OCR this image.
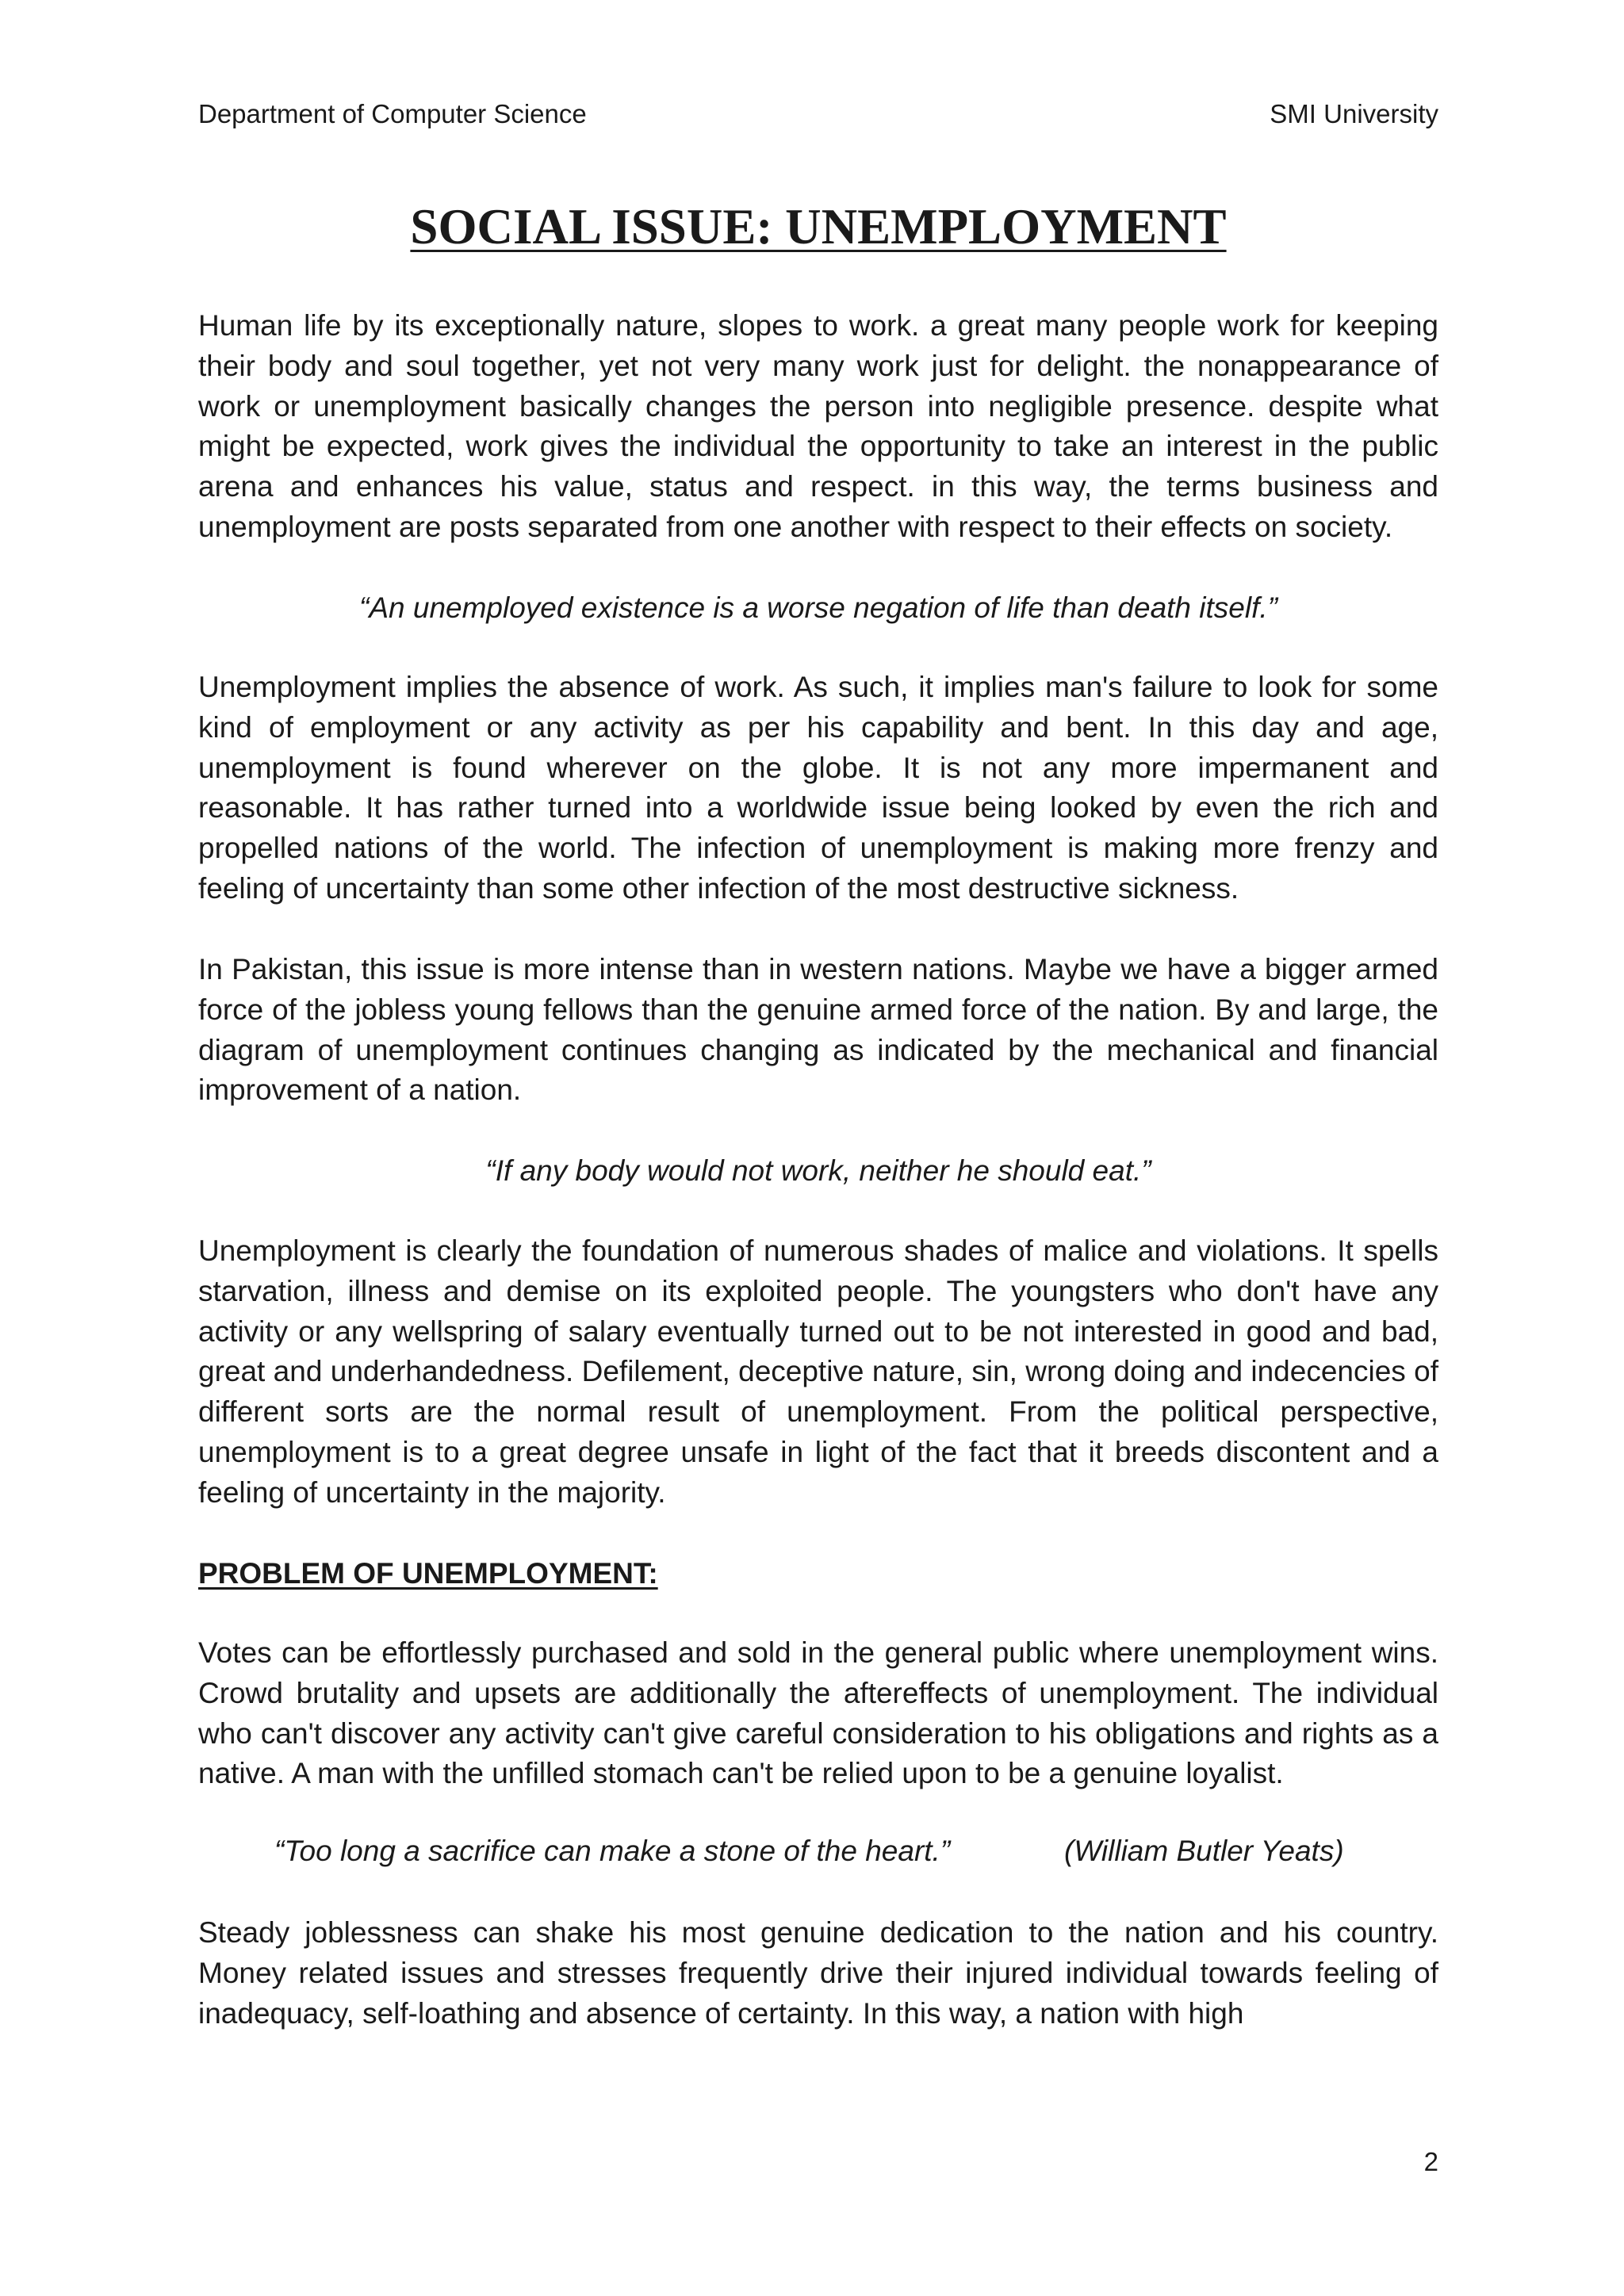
Department of Computer Science	SMI University
SOCIAL ISSUE: UNEMPLOYMENT

Human life by its exceptionally nature, slopes to work. a great many people work for keeping their body and soul together, yet not very many work just for delight. the nonappearance of work or unemployment basically changes the person into negligible presence. despite what might be expected, work gives the individual the opportunity to take an interest in the public arena and enhances his value, status and respect. in this way, the terms business and unemployment are posts separated from one another with respect to their effects on society.

“An unemployed existence is a worse negation of life than death itself.”

Unemployment implies the absence of work. As such, it implies man's failure to look for some kind of employment or any activity as per his capability and bent. In this day and age, unemployment is found wherever on the globe. It is not any more impermanent and reasonable. It has rather turned into a worldwide issue being looked by even the rich and propelled nations of the world. The infection of unemployment is making more frenzy and feeling of uncertainty than some other infection of the most destructive sickness.

In Pakistan, this issue is more intense than in western nations. Maybe we have a bigger armed force of the jobless young fellows than the genuine armed force of the nation. By and large, the diagram of unemployment continues changing as indicated by the mechanical and financial improvement of a nation.

“If any body would not work, neither he should eat.”

Unemployment is clearly the foundation of numerous shades of malice and violations. It spells starvation, illness and demise on its exploited people. The youngsters who don't have any activity or any wellspring of salary eventually turned out to be not interested in good and bad, great and underhandedness. Defilement, deceptive nature, sin, wrong doing and indecencies of different sorts are the normal result of unemployment. From the political perspective, unemployment is to a great degree unsafe in light of the fact that it breeds discontent and a feeling of uncertainty in the majority.

PROBLEM OF UNEMPLOYMENT:

Votes can be effortlessly purchased and sold in the general public where unemployment wins. Crowd brutality and upsets are additionally the aftereffects of unemployment. The individual who can't discover any activity can't give careful consideration to his obligations and rights as a native. A man with the unfilled stomach can't be relied upon to be a genuine loyalist.

“Too long a sacrifice can make a stone of the heart.”	(William Butler Yeats)

Steady joblessness can shake his most genuine dedication to the nation and his country. Money related issues and stresses frequently drive their injured individual towards feeling of inadequacy, self-loathing and absence of certainty. In this way, a nation with high

2
